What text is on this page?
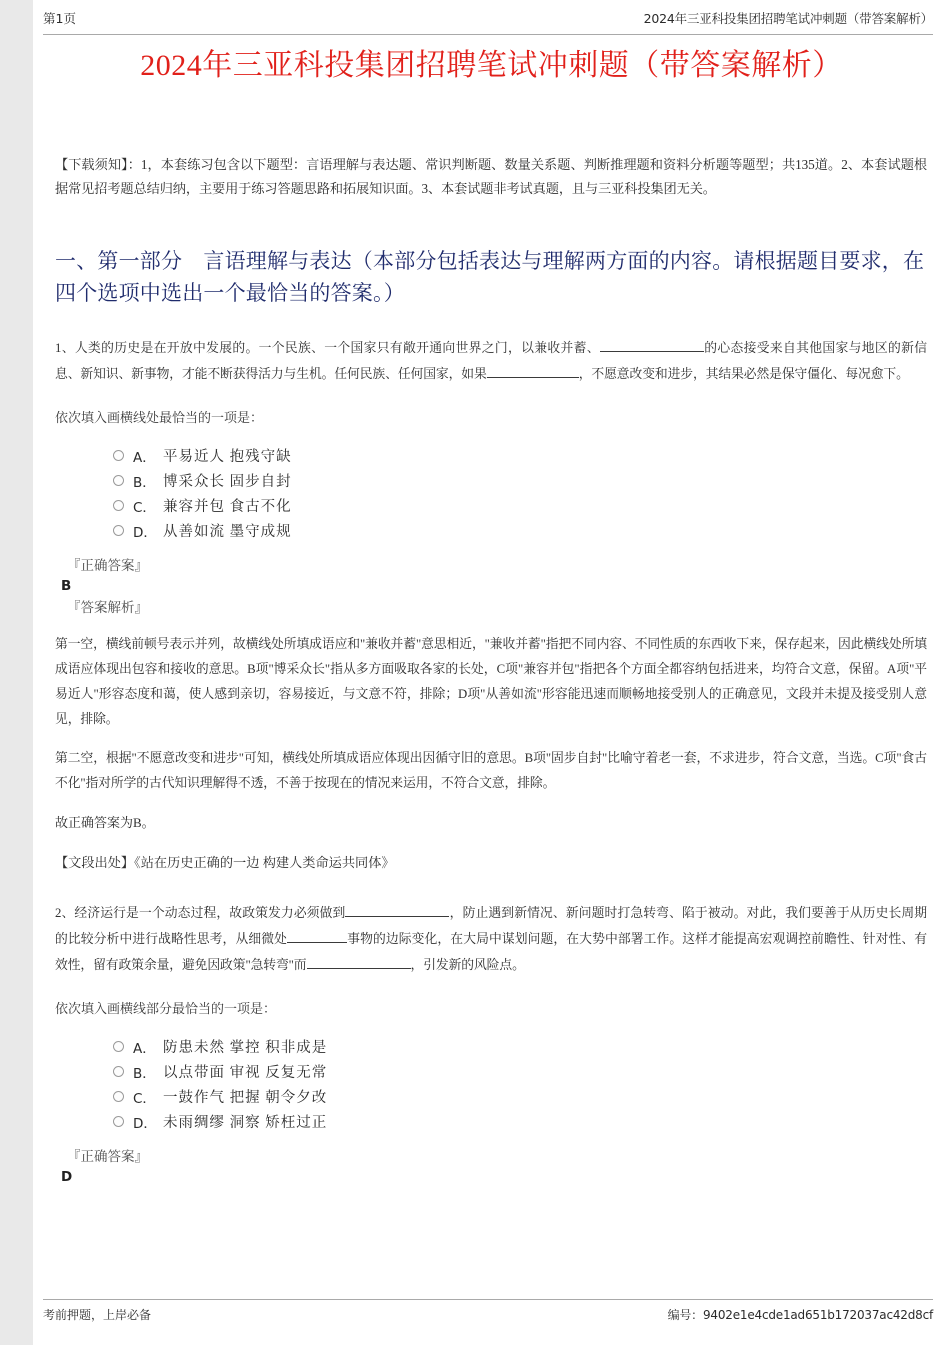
第1页	2024年三亚科投集团招聘笔试冲刺题（带答案解析）
2024年三亚科投集团招聘笔试冲刺题（带答案解析）

【下载须知】：1，本套练习包含以下题型：言语理解与表达题、常识判断题、数量关系题、判断推理题和资料分析题等题型；共135道。2、本套试题根据常见招考题总结归纳，主要用于练习答题思路和拓展知识面。3、本套试题非考试真题，且与三亚科投集团无关。

一、第一部分　言语理解与表达（本部分包括表达与理解两方面的内容。请根据题目要求，在四个选项中选出一个最恰当的答案。）

1、人类的历史是在开放中发展的。一个民族、一个国家只有敞开通向世界之门，以兼收并蓄、	的心态接受来自其他国家与地区的新信息、新知识、新事物，才能不断获得活力与生机。任何民族、任何国家，如果	，不愿意改变和进步，其结果必然是保守僵化、每况愈下。

依次填入画横线处最恰当的一项是：

A． 平易近人 抱残守缺
B． 博采众长 固步自封
C． 兼容并包 食古不化
D． 从善如流 墨守成规
『正确答案』
B
『答案解析』

第一空，横线前顿号表示并列，故横线处所填成语应和"兼收并蓄"意思相近，"兼收并蓄"指把不同内容、不同性质的东西收下来，保存起来，因此横线处所填成语应体现出包容和接收的意思。B项"博采众长"指从多方面吸取各家的长处，C项"兼容并包"指把各个方面全都容纳包括进来，均符合文意，保留。A项"平易近人"形容态度和蔼，使人感到亲切，容易接近，与文意不符，排除；D项"从善如流"形容能迅速而顺畅地接受别人的正确意见，文段并未提及接受别人意见，排除。

第二空，根据"不愿意改变和进步"可知，横线处所填成语应体现出因循守旧的意思。B项"固步自封"比喻守着老一套，不求进步，符合文意，当选。C项"食古不化"指对所学的古代知识理解得不透，不善于按现在的情况来运用，不符合文意，排除。

故正确答案为B。

【文段出处】《站在历史正确的一边 构建人类命运共同体》

2、经济运行是一个动态过程，故政策发力必须做到	，防止遇到新情况、新问题时打急转弯、陷于被动。对此，我们要善于从历史长周期的比较分析中进行战略性思考，从细微处	事物的边际变化，在大局中谋划问题，在大势中部署工作。这样才能提高宏观调控前瞻性、针对性、有效性，留有政策余量，避免因政策"急转弯"而	，引发新的风险点。

依次填入画横线部分最恰当的一项是：

A． 防患未然 掌控 积非成是
B． 以点带面 审视 反复无常
C． 一鼓作气 把握 朝令夕改
D． 未雨绸缪 洞察 矫枉过正
『正确答案』
D
考前押题，上岸必备	编号：9402e1e4cde1ad651b172037ac42d8cf
